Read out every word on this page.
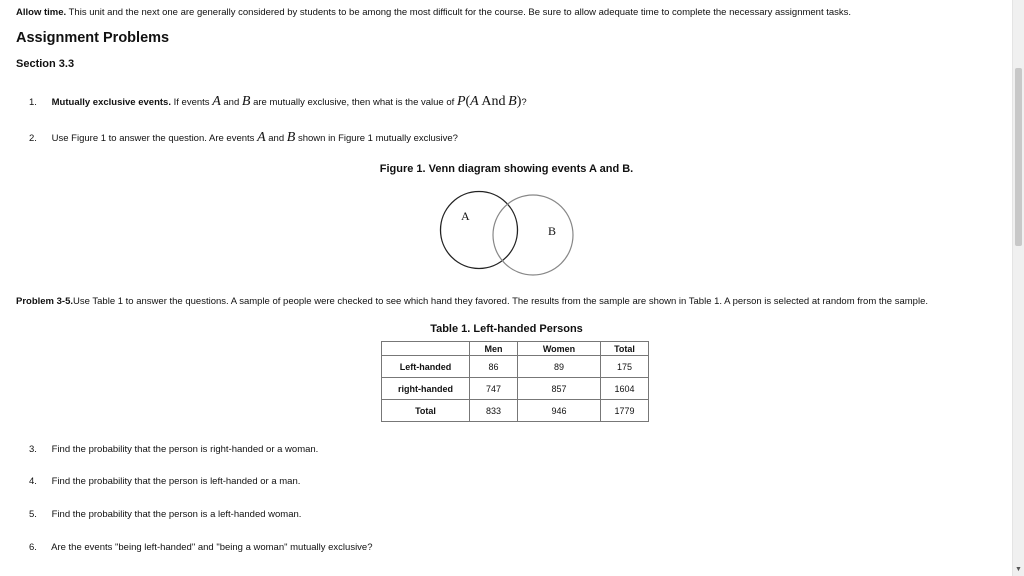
Allow time. This unit and the next one are generally considered by students to be among the most difficult for the course. Be sure to allow adequate time to complete the necessary assignment tasks.
Assignment Problems
Section 3.3
1. Mutually exclusive events. If events A and B are mutually exclusive, then what is the value of P(A And B)?
2. Use Figure 1 to answer the question. Are events A and B shown in Figure 1 mutually exclusive?
Figure 1. Venn diagram showing events A and B.
A
B
Problem 3-5.Use Table 1 to answer the questions. A sample of people were checked to see which hand they favored. The results from the sample are shown in Table 1. A person is selected at random from the sample.
Table 1. Left-handed Persons
	Men	Women	Total
Left-handed	86	89	175
right-handed	747	857	1604
Total	833	946	1779
3. Find the probability that the person is right-handed or a woman.
4. Find the probability that the person is left-handed or a man.
5. Find the probability that the person is a left-handed woman.
6. Are the events "being left-handed" and "being a woman" mutually exclusive?
▼
